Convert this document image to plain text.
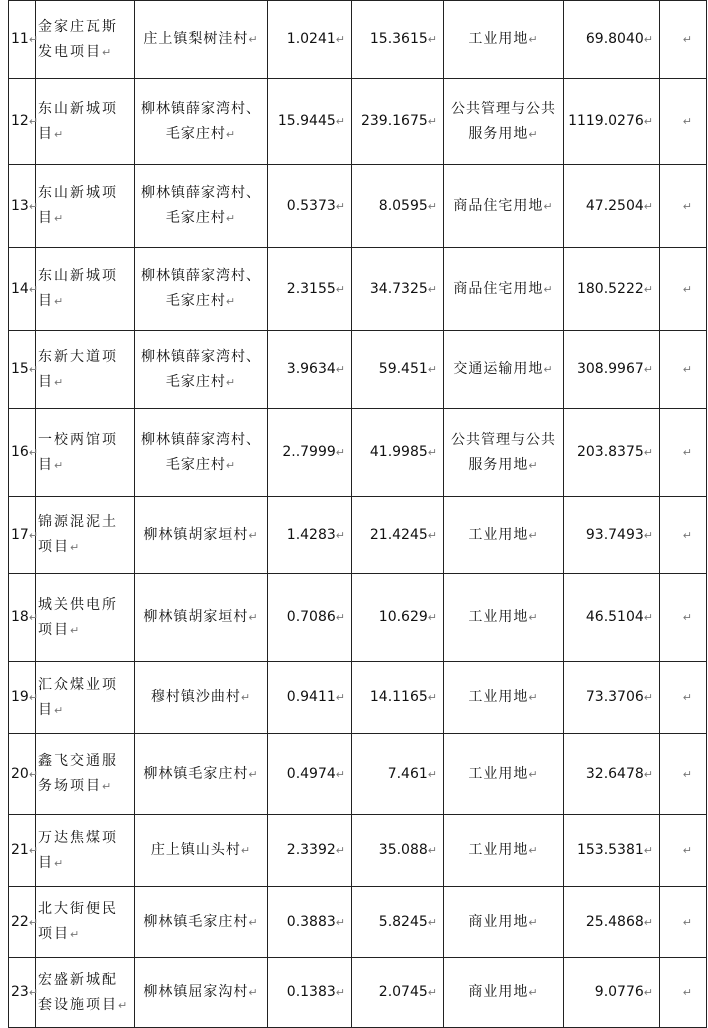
11↵	金家庄瓦斯发电项目↵	庄上镇梨树洼村↵	1.0241↵	15.3615↵	工业用地↵	69.8040↵	↵
12↵	东山新城项目↵	柳林镇薛家湾村、毛家庄村↵	15.9445↵	239.1675↵	公共管理与公共服务用地↵	1119.0276↵	↵
13↵	东山新城项目↵	柳林镇薛家湾村、毛家庄村↵	0.5373↵	8.0595↵	商品住宅用地↵	47.2504↵	↵
14↵	东山新城项目↵	柳林镇薛家湾村、毛家庄村↵	2.3155↵	34.7325↵	商品住宅用地↵	180.5222↵	↵
15↵	东新大道项目↵	柳林镇薛家湾村、毛家庄村↵	3.9634↵	59.451↵	交通运输用地↵	308.9967↵	↵
16↵	一校两馆项目↵	柳林镇薛家湾村、毛家庄村↵	2..7999↵	41.9985↵	公共管理与公共服务用地↵	203.8375↵	↵
17↵	锦源混泥土项目↵	柳林镇胡家垣村↵	1.4283↵	21.4245↵	工业用地↵	93.7493↵	↵
18↵	城关供电所项目↵	柳林镇胡家垣村↵	0.7086↵	10.629↵	工业用地↵	46.5104↵	↵
19↵	汇众煤业项目↵	穆村镇沙曲村↵	0.9411↵	14.1165↵	工业用地↵	73.3706↵	↵
20↵	鑫飞交通服务场项目↵	柳林镇毛家庄村↵	0.4974↵	7.461↵	工业用地↵	32.6478↵	↵
21↵	万达焦煤项目↵	庄上镇山头村↵	2.3392↵	35.088↵	工业用地↵	153.5381↵	↵
22↵	北大街便民项目↵	柳林镇毛家庄村↵	0.3883↵	5.8245↵	商业用地↵	25.4868↵	↵
23↵	宏盛新城配套设施项目↵	柳林镇屈家沟村↵	0.1383↵	2.0745↵	商业用地↵	9.0776↵	↵
